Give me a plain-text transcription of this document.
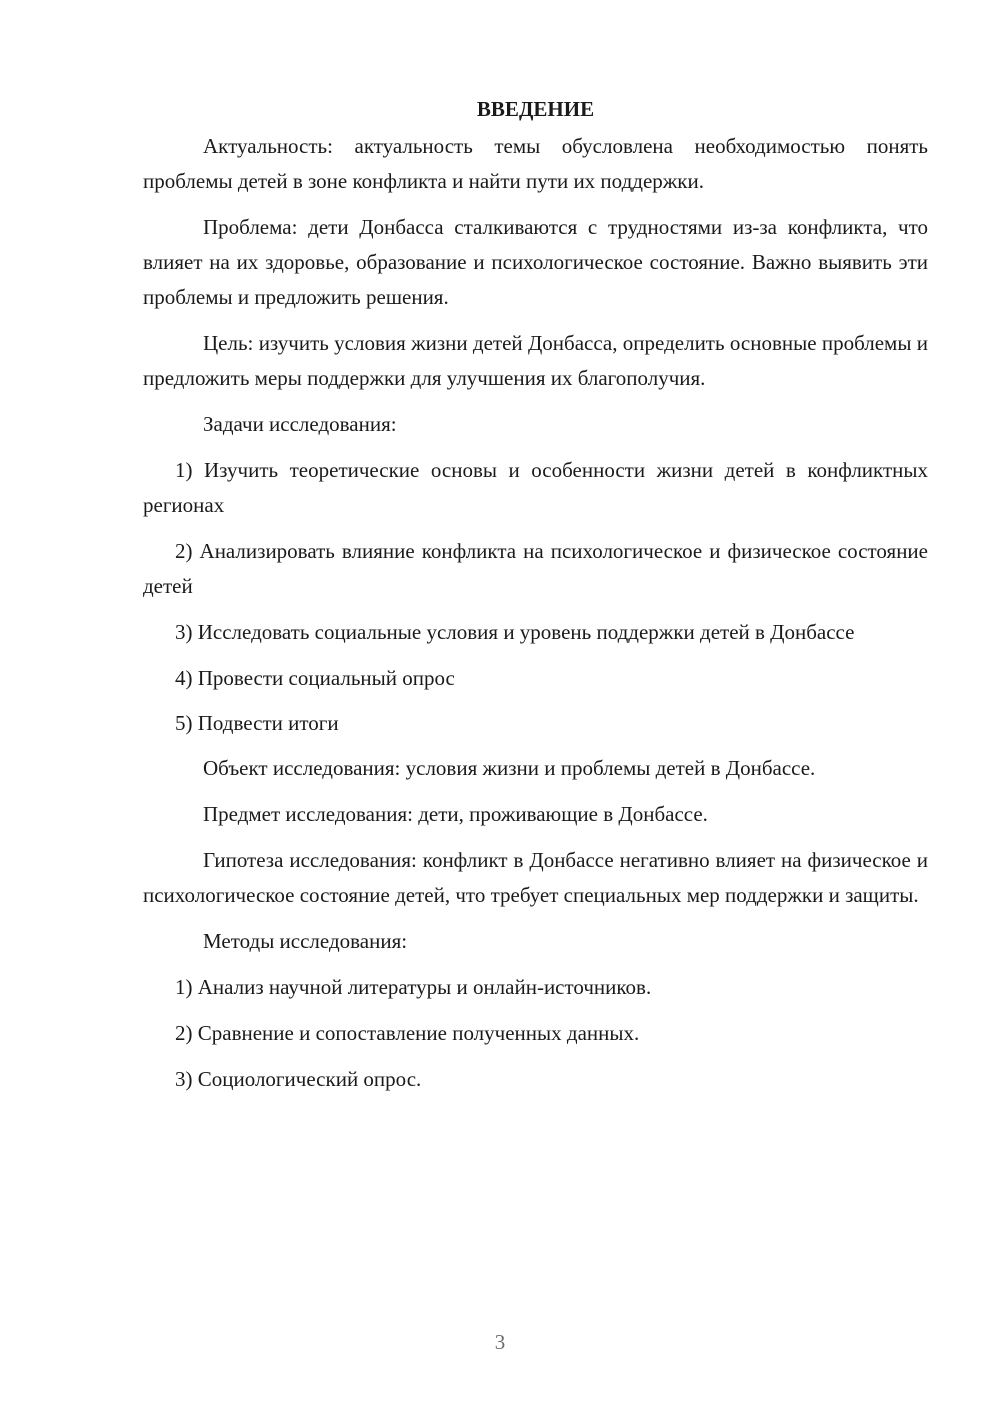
ВВЕДЕНИЕ
Актуальность: актуальность темы обусловлена необходимостью понять проблемы детей в зоне конфликта и найти пути их поддержки.
Проблема: дети Донбасса сталкиваются с трудностями из-за конфликта, что влияет на их здоровье, образование и психологическое состояние. Важно выявить эти проблемы и предложить решения.
Цель: изучить условия жизни детей Донбасса, определить основные проблемы и предложить меры поддержки для улучшения их благополучия.
Задачи исследования:
1) Изучить теоретические основы и особенности жизни детей в конфликтных регионах
2) Анализировать влияние конфликта на психологическое и физическое состояние детей
3) Исследовать социальные условия и уровень поддержки детей в Донбассе
4) Провести социальный опрос
5) Подвести итоги
Объект исследования: условия жизни и проблемы детей в Донбассе.
Предмет исследования: дети, проживающие в Донбассе.
Гипотеза исследования: конфликт в Донбассе негативно влияет на физическое и психологическое состояние детей, что требует специальных мер поддержки и защиты.
Методы исследования:
1) Анализ научной литературы и онлайн-источников.
2) Сравнение и сопоставление полученных данных.
3) Социологический опрос.
3
